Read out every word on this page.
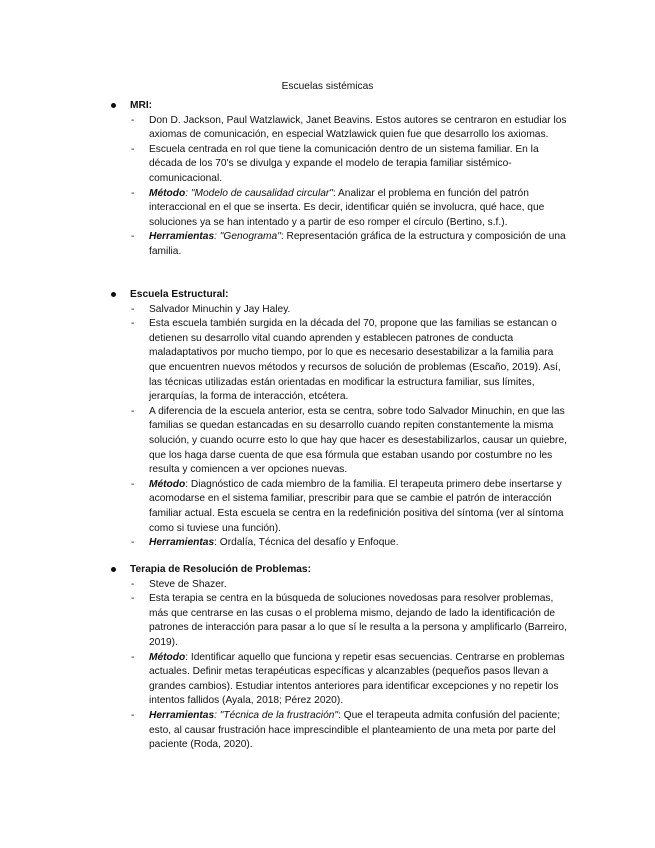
Escuelas sistémicas
MRI:

- Don D. Jackson, Paul Watzlawick, Janet Beavins. Estos autores se centraron en estudiar los axiomas de comunicación, en especial Watzlawick quien fue que desarrollo los axiomas.

- Escuela centrada en rol que tiene la comunicación dentro de un sistema familiar. En la década de los 70's se divulga y expande el modelo de terapia familiar sistémico-comunicacional.

- Método: "Modelo de causalidad circular": Analizar el problema en función del patrón interaccional en el que se inserta. Es decir, identificar quién se involucra, qué hace, que soluciones ya se han intentado y a partir de eso romper el círculo (Bertino, s.f.).

- Herramientas: "Genograma": Representación gráfica de la estructura y composición de una familia.

Escuela Estructural:

- Salvador Minuchin y Jay Haley.

- Esta escuela también surgida en la década del 70, propone que las familias se estancan o detienen su desarrollo vital cuando aprenden y establecen patrones de conducta maladaptativos por mucho tiempo, por lo que es necesario desestabilizar a la familia para que encuentren nuevos métodos y recursos de solución de problemas (Escaño, 2019). Así, las técnicas utilizadas están orientadas en modificar la estructura familiar, sus límites, jerarquías, la forma de interacción, etcétera.

- A diferencia de la escuela anterior, esta se centra, sobre todo Salvador Minuchin, en que las familias se quedan estancadas en su desarrollo cuando repiten constantemente la misma solución, y cuando ocurre esto lo que hay que hacer es desestabilizarlos, causar un quiebre, que los haga darse cuenta de que esa fórmula que estaban usando por costumbre no les resulta y comiencen a ver opciones nuevas.

- Método: Diagnóstico de cada miembro de la familia. El terapeuta primero debe insertarse y acomodarse en el sistema familiar, prescribir para que se cambie el patrón de interacción familiar actual. Esta escuela se centra en la redefinición positiva del síntoma (ver al síntoma como si tuviese una función).

- Herramientas: Ordalía, Técnica del desafío y Enfoque.

Terapia de Resolución de Problemas:

- Steve de Shazer.

- Esta terapia se centra en la búsqueda de soluciones novedosas para resolver problemas, más que centrarse en las cusas o el problema mismo, dejando de lado la identificación de patrones de interacción para pasar a lo que sí le resulta a la persona y amplificarlo (Barreiro, 2019).

- Método: Identificar aquello que funciona y repetir esas secuencias. Centrarse en problemas actuales. Definir metas terapéuticas específicas y alcanzables (pequeños pasos llevan a grandes cambios). Estudiar intentos anteriores para identificar excepciones y no repetir los intentos fallidos (Ayala, 2018; Pérez 2020).

- Herramientas: "Técnica de la frustración": Que el terapeuta admita confusión del paciente; esto, al causar frustración hace imprescindible el planteamiento de una meta por parte del paciente (Roda, 2020).
